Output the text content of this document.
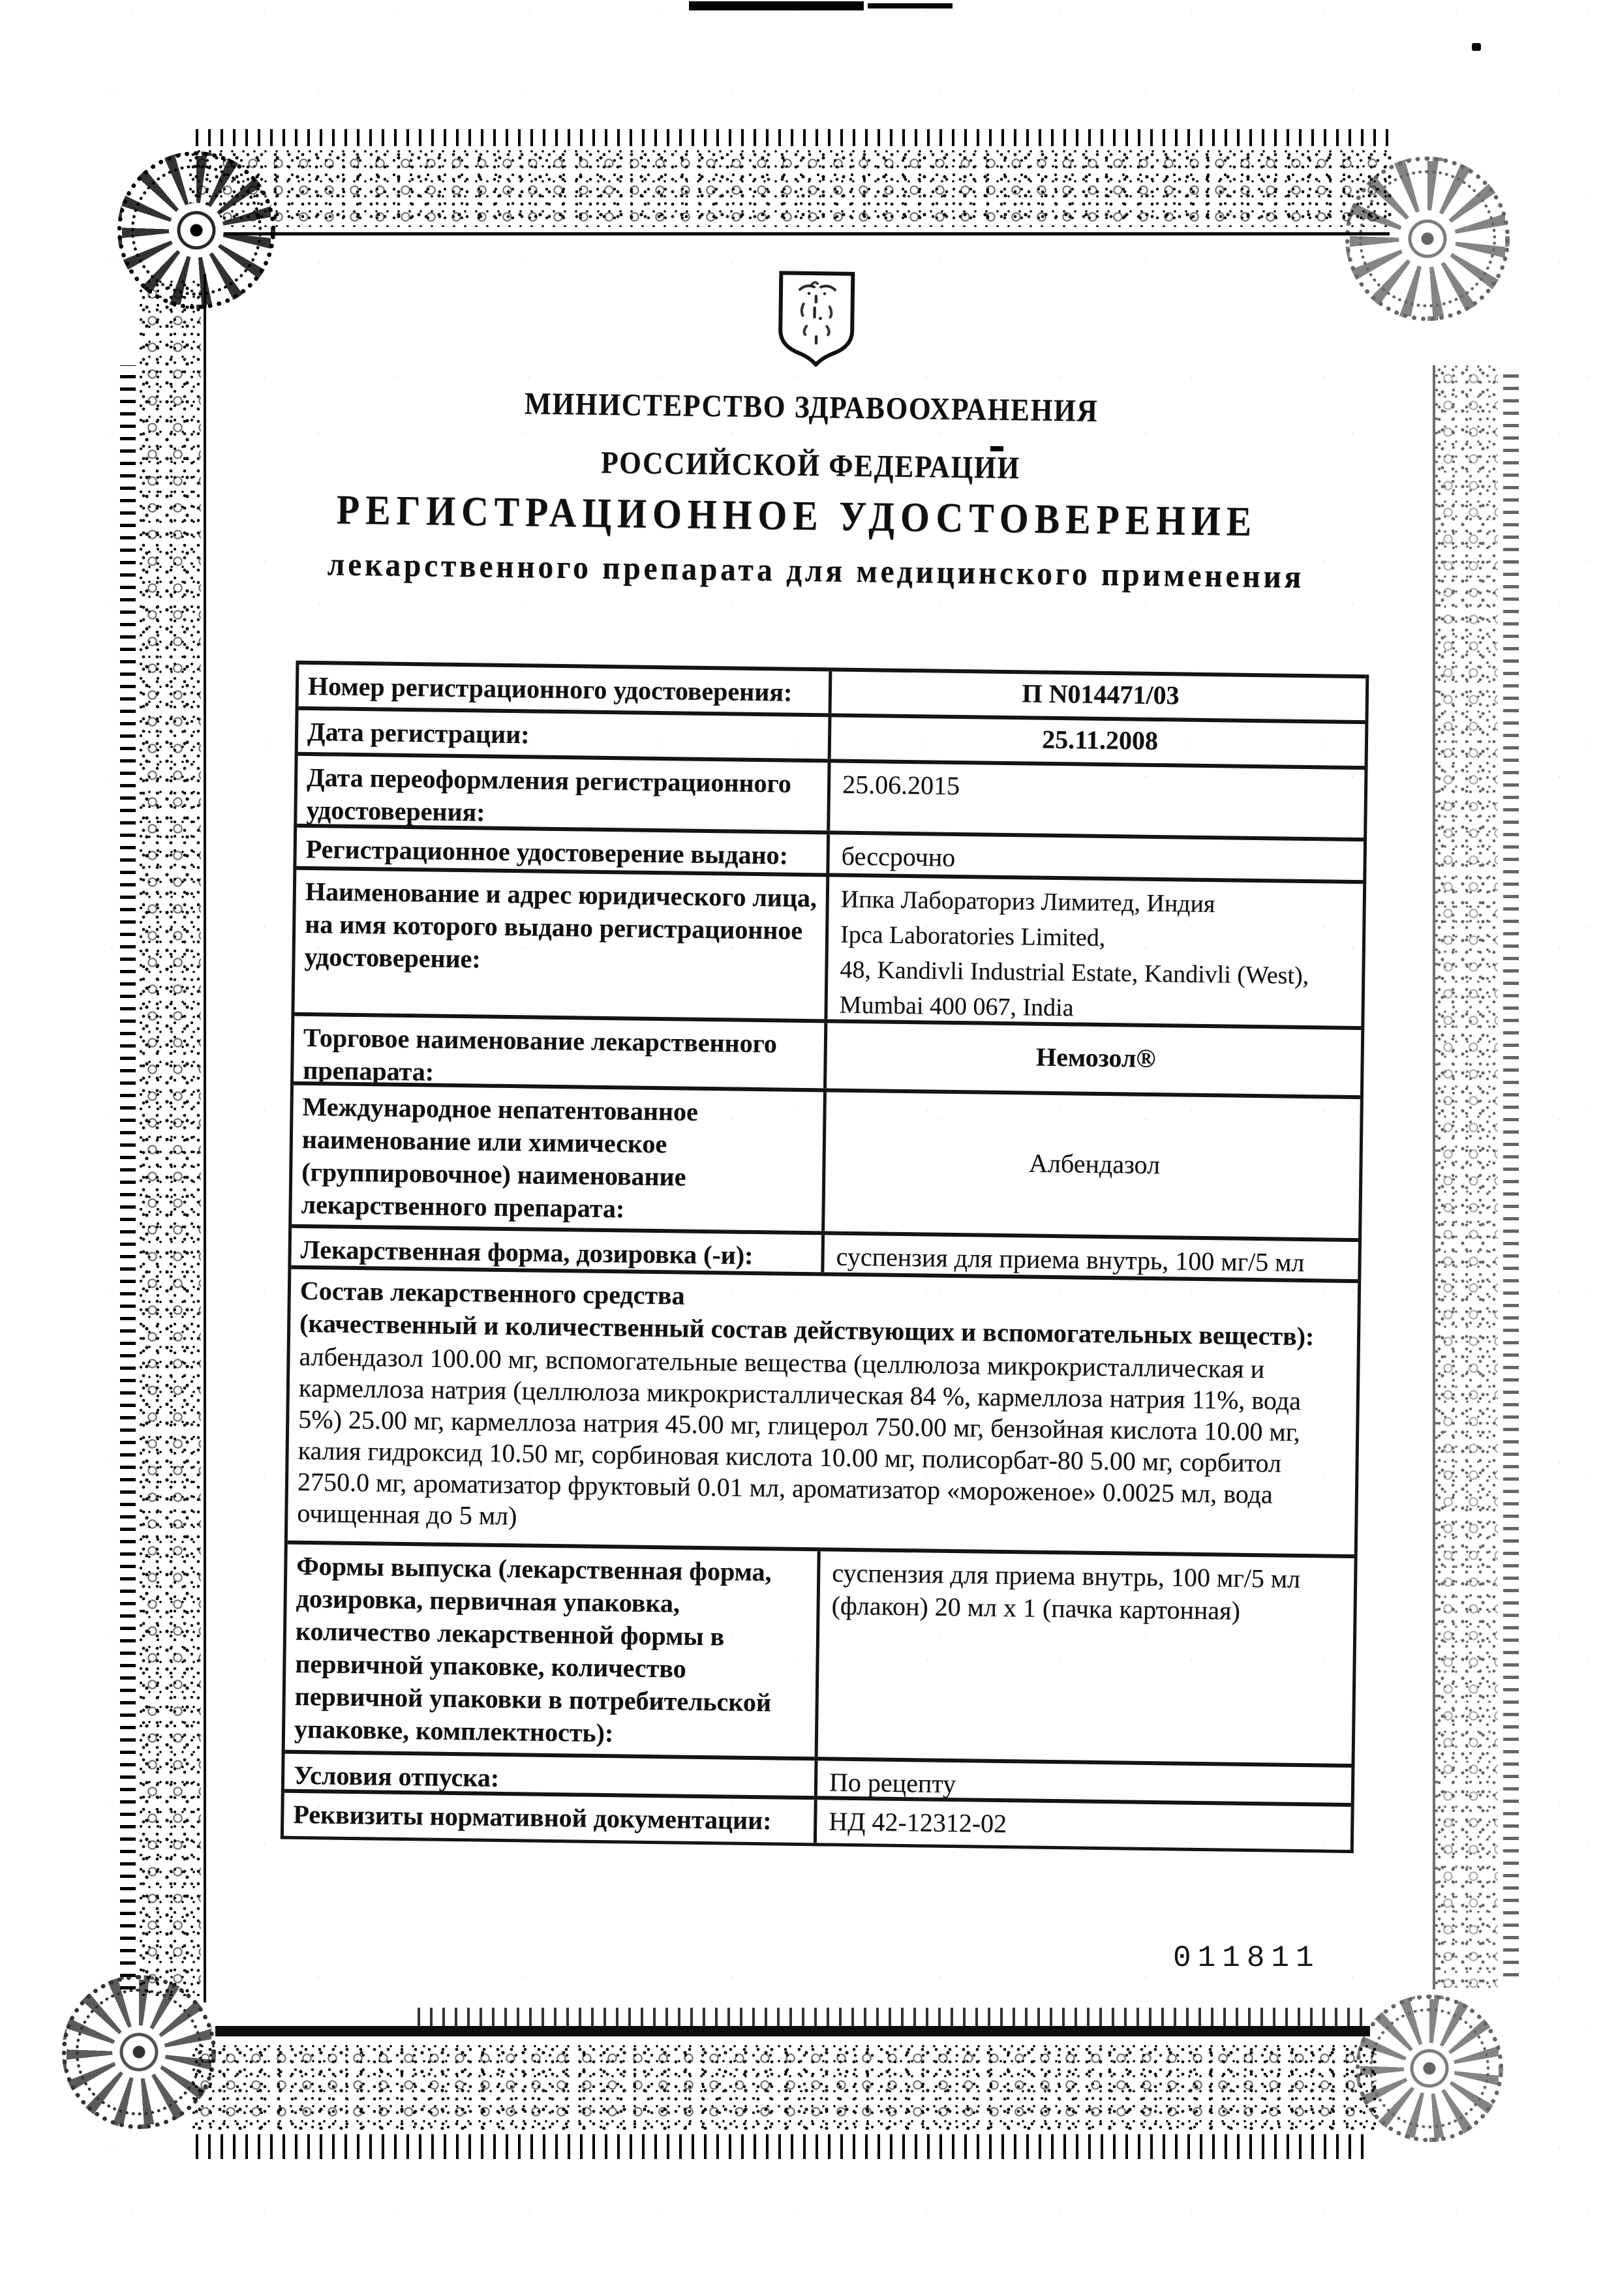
МИНИСТЕРСТВО ЗДРАВООХРАНЕНИЯ
РОССИЙСКОЙ ФЕДЕРАЦИИ
РЕГИСТРАЦИОННОЕ УДОСТОВЕРЕНИЕ
лекарственного препарата для медицинского применения
Номер регистрационного удостоверения:	П N014471/03
Дата регистрации:	25.11.2008
Дата переоформления регистрационного удостоверения:
25.06.2015
Регистрационное удостоверение выдано:	бессрочно
Наименование и адрес юридического лица, на имя которого выдано регистрационное удостоверение:
Ипка Лабораториз Лимитед, Индия
Ipca Laboratories Limited,
48, Kandivli Industrial Estate, Kandivli (West),
Mumbai 400 067, India
Торговое наименование лекарственного препарата:	Немозол®
Международное непатентованное наименование или химическое (группировочное) наименование лекарственного препарата:
Албендазол
Лекарственная форма, дозировка (-и):	суспензия для приема внутрь, 100 мг/5 мл
Состав лекарственного средства
(качественный и количественный состав действующих и вспомогательных веществ):
албендазол 100.00 мг, вспомогательные вещества (целлюлоза микрокристаллическая и кармеллоза натрия (целлюлоза микрокристаллическая 84 %, кармеллоза натрия 11%, вода 5%) 25.00 мг, кармеллоза натрия 45.00 мг, глицерол 750.00 мг, бензойная кислота 10.00 мг, калия гидроксид 10.50 мг, сорбиновая кислота 10.00 мг, полисорбат-80 5.00 мг, сорбитол 2750.0 мг, ароматизатор фруктовый 0.01 мл, ароматизатор «мороженое» 0.0025 мл, вода очищенная до 5 мл)
Формы выпуска (лекарственная форма, дозировка, первичная упаковка, количество лекарственной формы в первичной упаковке, количество первичной упаковки в потребительской упаковке, комплектность):
суспензия для приема внутрь, 100 мг/5 мл (флакон) 20 мл х 1 (пачка картонная)
Условия отпуска:	По рецепту
Реквизиты нормативной документации:	НД 42-12312-02
011811
